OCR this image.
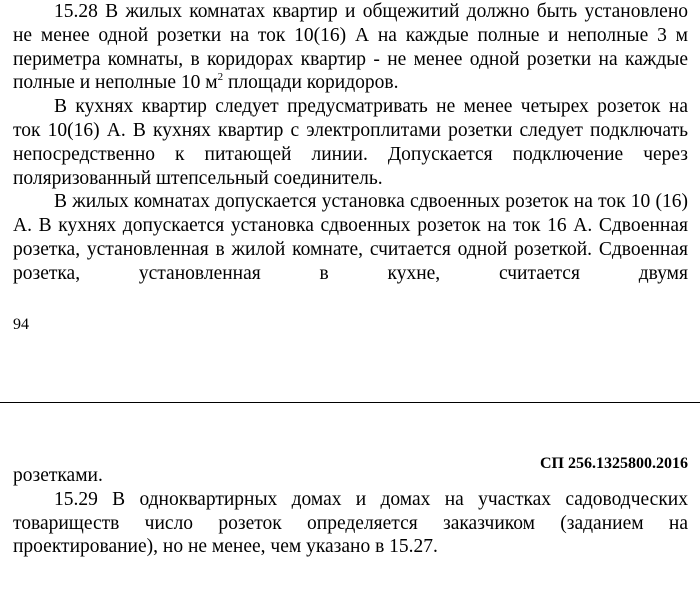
15.28 В жилых комнатах квартир и общежитий должно быть установлено не менее одной розетки на ток 10(16) А на каждые полные и неполные 3 м периметра комнаты, в коридорах квартир - не менее одной розетки на каждые полные и неполные 10 $м^2$ площади коридоров.

В кухнях квартир следует предусматривать не менее четырех розеток на ток 10(16) А. В кухнях квартир с электроплитами розетки следует подключать непосредственно к питающей линии. Допускается подключение через поляризованный штепсельный соединитель.

В жилых комнатах допускается установка сдвоенных розеток на ток 10 (16) А. В кухнях допускается установка сдвоенных розеток на ток 16 А. Сдвоенная розетка, установленная в жилой комнате, считается одной розеткой. Сдвоенная розетка, установленная в кухне, считается двумя

94
СП 256.1325800.2016

розетками.

15.29 В одноквартирных домах и домах на участках садоводческих товариществ число розеток определяется заказчиком (заданием на проектирование), но не менее, чем указано в 15.27.
